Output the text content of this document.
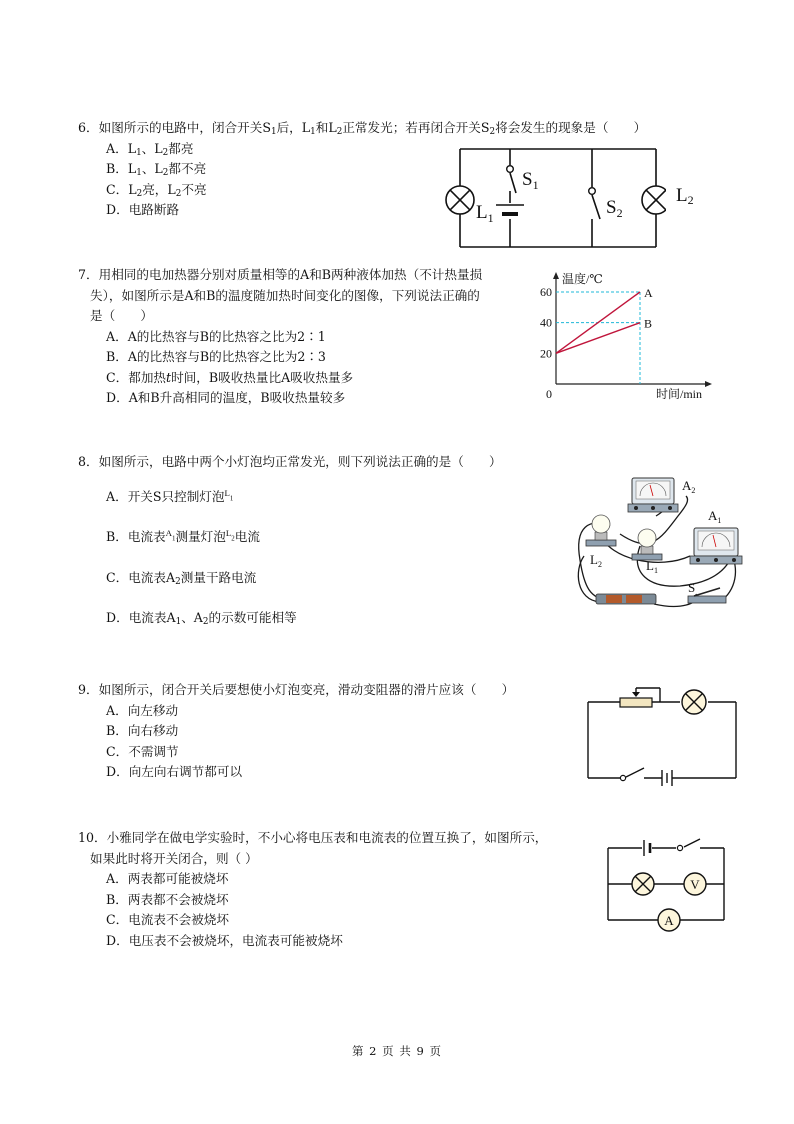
6．如图所示的电路中，闭合开关$S_1$后，$L_1$和$L_2$正常发光；若再闭合开关$S_2$将会发生的现象是（　　）
A．$L_1$、$L_2$都亮
B．$L_1$、$L_2$都不亮
C．$L_2$亮，$L_2$不亮
D．电路断路
$S_1$
$S_2$
$L_1$
$L_2$
7．用相同的电加热器分别对质量相等的A和B两种液体加热（不计热量损
失），如图所示是A和B的温度随加热时间变化的图像，下列说法正确的
是（　　）
A．A的比热容与B的比热容之比为2∶1
B．A的比热容与B的比热容之比为2∶3
C．都加热t时间，B吸收热量比A吸收热量多
D．A和B升高相同的温度，B吸收热量较多	0
20
40
60	A
B
温度/℃
时间/min
8．如图所示，电路中两个小灯泡均正常发光，则下列说法正确的是（　　）
A．开关S只控制灯泡$^L_1$
B．电流表$^A_1$测量灯泡$^L_2$电流
C．电流表$A_2$测量干路电流
D．电流表$A_1$、$A_2$的示数可能相等
$A_2$
$A_1$
$L_2$	$L_1$
S
9．如图所示，闭合开关后要想使小灯泡变亮，滑动变阻器的滑片应该（　　）
A．向左移动
B．向右移动
C．不需调节
D．向左向右调节都可以
10．小雅同学在做电学实验时，不小心将电压表和电流表的位置互换了，如图所示，
如果此时将开关闭合，则（ ）
A．两表都可能被烧坏
B．两表都不会被烧坏
C．电流表不会被烧坏
D．电压表不会被烧坏，电流表可能被烧坏
V
A
第 2 页 共 9 页
